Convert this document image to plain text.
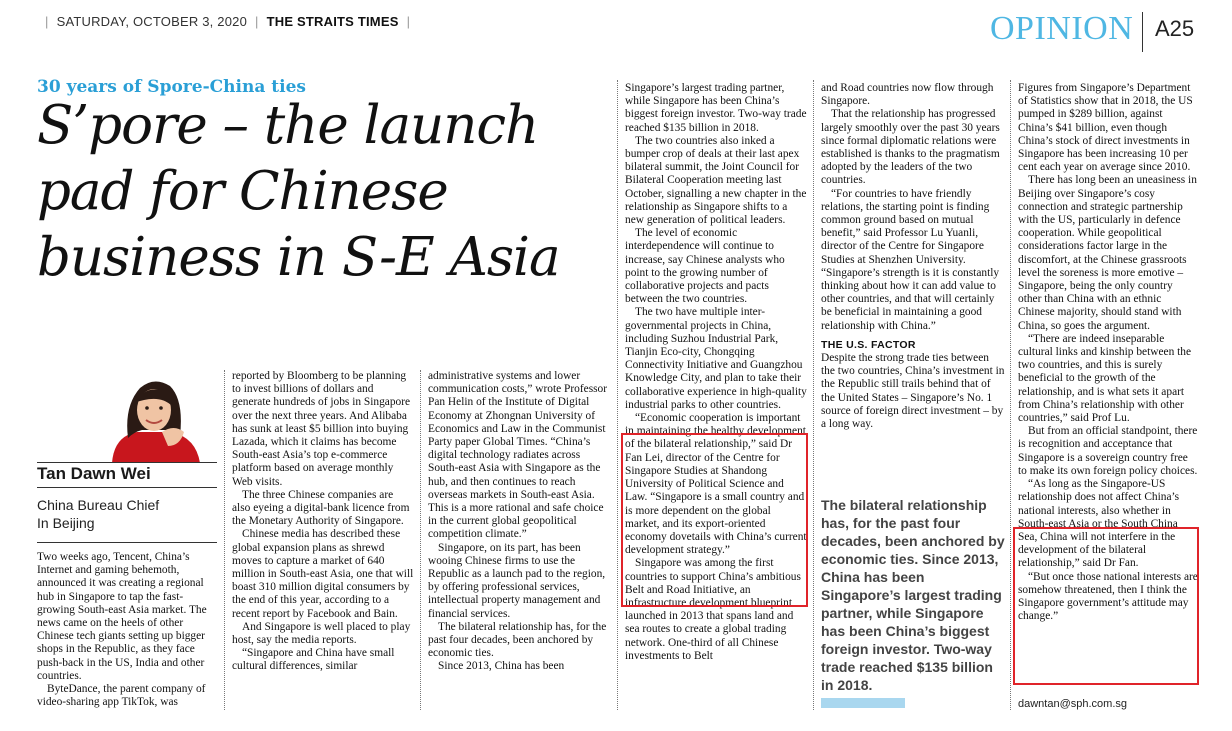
| SATURDAY, OCTOBER 3, 2020 | THE STRAITS TIMES |	OPINION A25
30 years of Spore-China ties
S’pore – the launch pad for Chinese business in S-E Asia
Tan Dawn Wei
China Bureau Chief
In Beijing

Two weeks ago, Tencent, China’s Internet and gaming behemoth, announced it was creating a regional hub in Singapore to tap the fast-growing South-east Asia market. The news came on the heels of other Chinese tech giants setting up bigger shops in the Republic, as they face push-back in the US, India and other countries.

ByteDance, the parent company of video-sharing app TikTok, was

reported by Bloomberg to be planning to invest billions of dollars and generate hundreds of jobs in Singapore over the next three years. And Alibaba has sunk at least $5 billion into buying Lazada, which it claims has become South-east Asia’s top e-commerce platform based on average monthly Web visits.

The three Chinese companies are also eyeing a digital-bank licence from the Monetary Authority of Singapore.

Chinese media has described these global expansion plans as shrewd moves to capture a market of 640 million in South-east Asia, one that will boast 310 million digital consumers by the end of this year, according to a recent report by Facebook and Bain.

And Singapore is well placed to play host, say the media reports.

“Singapore and China have small cultural differences, similar

administrative systems and lower communication costs,” wrote Professor Pan Helin of the Institute of Digital Economy at Zhongnan University of Economics and Law in the Communist Party paper Global Times. “China’s digital technology radiates across South-east Asia with Singapore as the hub, and then continues to reach overseas markets in South-east Asia. This is a more rational and safe choice in the current global geopolitical competition climate.”

Singapore, on its part, has been wooing Chinese firms to use the Republic as a launch pad to the region, by offering professional services, intellectual property management and financial services.

The bilateral relationship has, for the past four decades, been anchored by economic ties.

Since 2013, China has been

Singapore’s largest trading partner, while Singapore has been China’s biggest foreign investor. Two-way trade reached $135 billion in 2018.

The two countries also inked a bumper crop of deals at their last apex bilateral summit, the Joint Council for Bilateral Cooperation meeting last October, signalling a new chapter in the relationship as Singapore shifts to a new generation of political leaders.

The level of economic interdependence will continue to increase, say Chinese analysts who point to the growing number of collaborative projects and pacts between the two countries.

The two have multiple inter-governmental projects in China, including Suzhou Industrial Park, Tianjin Eco-city, Chongqing Connectivity Initiative and Guangzhou Knowledge City, and plan to take their collaborative experience in high-quality industrial parks to other countries.

“Economic cooperation is important in maintaining the healthy development of the bilateral relationship,” said Dr Fan Lei, director of the Centre for Singapore Studies at Shandong University of Political Science and Law. “Singapore is a small country and is more dependent on the global market, and its export-oriented economy dovetails with China’s current development strategy.”

Singapore was among the first countries to support China’s ambitious Belt and Road Initiative, an infrastructure development blueprint launched in 2013 that spans land and sea routes to create a global trading network. One-third of all Chinese investments to Belt

and Road countries now flow through Singapore.

That the relationship has progressed largely smoothly over the past 30 years since formal diplomatic relations were established is thanks to the pragmatism adopted by the leaders of the two countries.

“For countries to have friendly relations, the starting point is finding common ground based on mutual benefit,” said Professor Lu Yuanli, director of the Centre for Singapore Studies at Shenzhen University. “Singapore’s strength is it is constantly thinking about how it can add value to other countries, and that will certainly be beneficial in maintaining a good relationship with China.”

THE U.S. FACTOR

Despite the strong trade ties between the two countries, China’s investment in the Republic still trails behind that of the United States – Singapore’s No. 1 source of foreign direct investment – by a long way.

The bilateral relationship has, for the past four decades, been anchored by economic ties. Since 2013, China has been Singapore’s largest trading partner, while Singapore has been China’s biggest foreign investor. Two-way trade reached $135 billion in 2018.

Figures from Singapore’s Department of Statistics show that in 2018, the US pumped in $289 billion, against China’s $41 billion, even though China’s stock of direct investments in Singapore has been increasing 10 per cent each year on average since 2010.

There has long been an uneasiness in Beijing over Singapore’s cosy connection and strategic partnership with the US, particularly in defence cooperation. While geopolitical considerations factor large in the discomfort, at the Chinese grassroots level the soreness is more emotive – Singapore, being the only country other than China with an ethnic Chinese majority, should stand with China, so goes the argument.

“There are indeed inseparable cultural links and kinship between the two countries, and this is surely beneficial to the growth of the relationship, and is what sets it apart from China’s relationship with other countries,” said Prof Lu.

But from an official standpoint, there is recognition and acceptance that Singapore is a sovereign country free to make its own foreign policy choices.

“As long as the Singapore-US relationship does not affect China’s national interests, also whether in South-east Asia or the South China Sea, China will not interfere in the development of the bilateral relationship,” said Dr Fan.

“But once those national interests are somehow threatened, then I think the Singapore government’s attitude may change.”

dawntan@sph.com.sg
